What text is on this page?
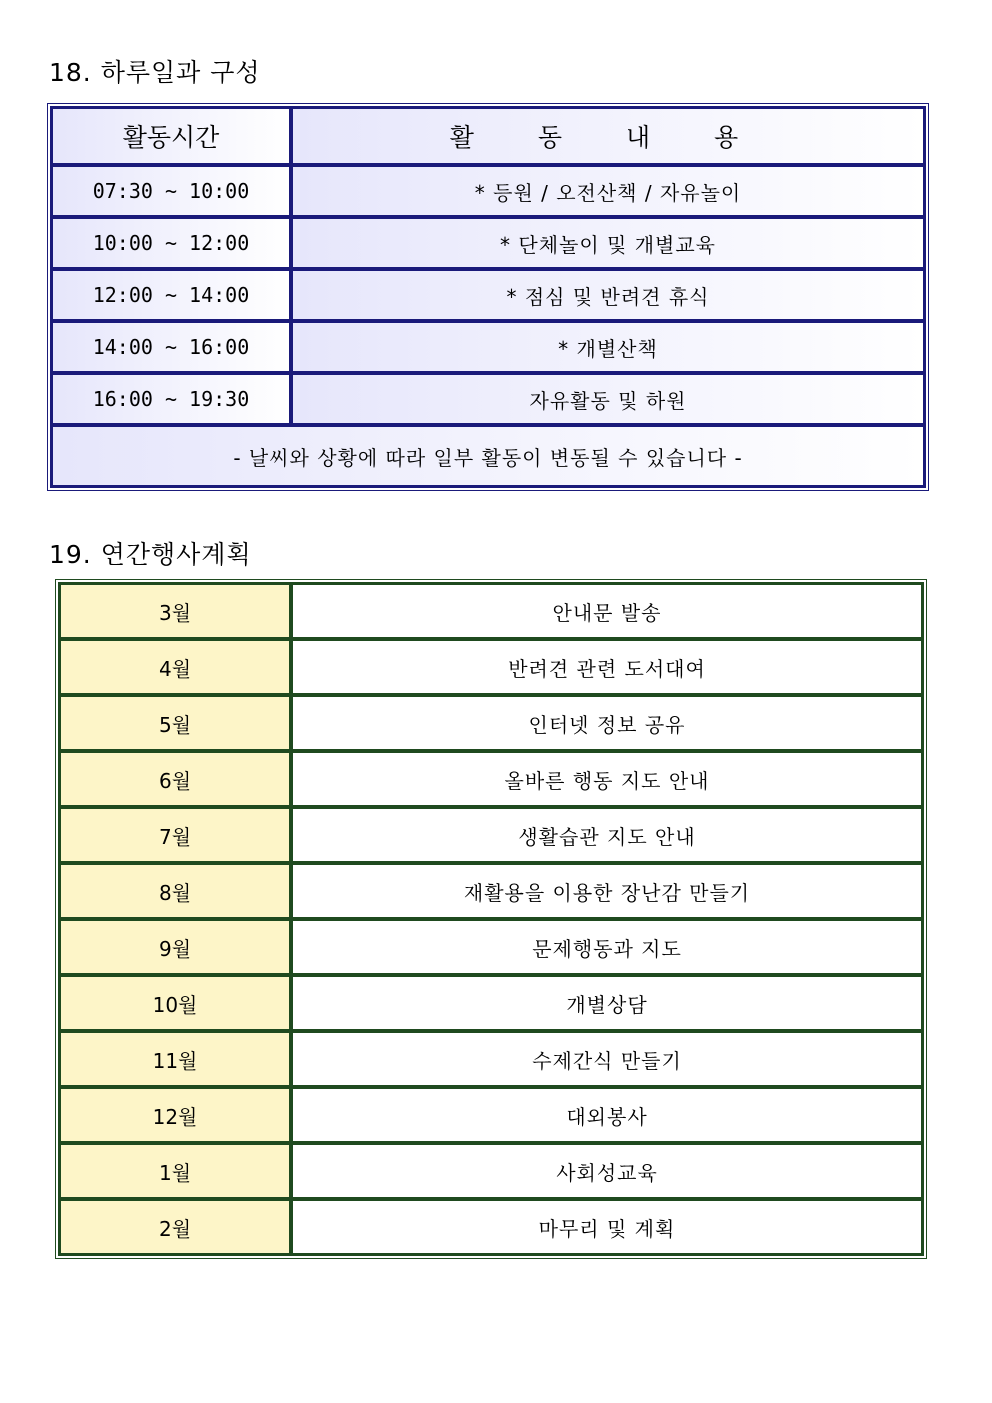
18. 하루일과 구성
활동시간	활 동 내 용
07:30 ~ 10:00	* 등원 / 오전산책 / 자유놀이
10:00 ~ 12:00	* 단체놀이 및 개별교육
12:00 ~ 14:00	* 점심 및 반려견 휴식
14:00 ~ 16:00	* 개별산책
16:00 ~ 19:30	자유활동 및 하원
- 날씨와 상황에 따라 일부 활동이 변동될 수 있습니다 -	
19. 연간행사계획
3월	안내문 발송
4월	반려견 관련 도서대여
5월	인터넷 정보 공유
6월	올바른 행동 지도 안내
7월	생활습관 지도 안내
8월	재활용을 이용한 장난감 만들기
9월	문제행동과 지도
10월	개별상담
11월	수제간식 만들기
12월	대외봉사
1월	사회성교육
2월	마무리 및 계획
